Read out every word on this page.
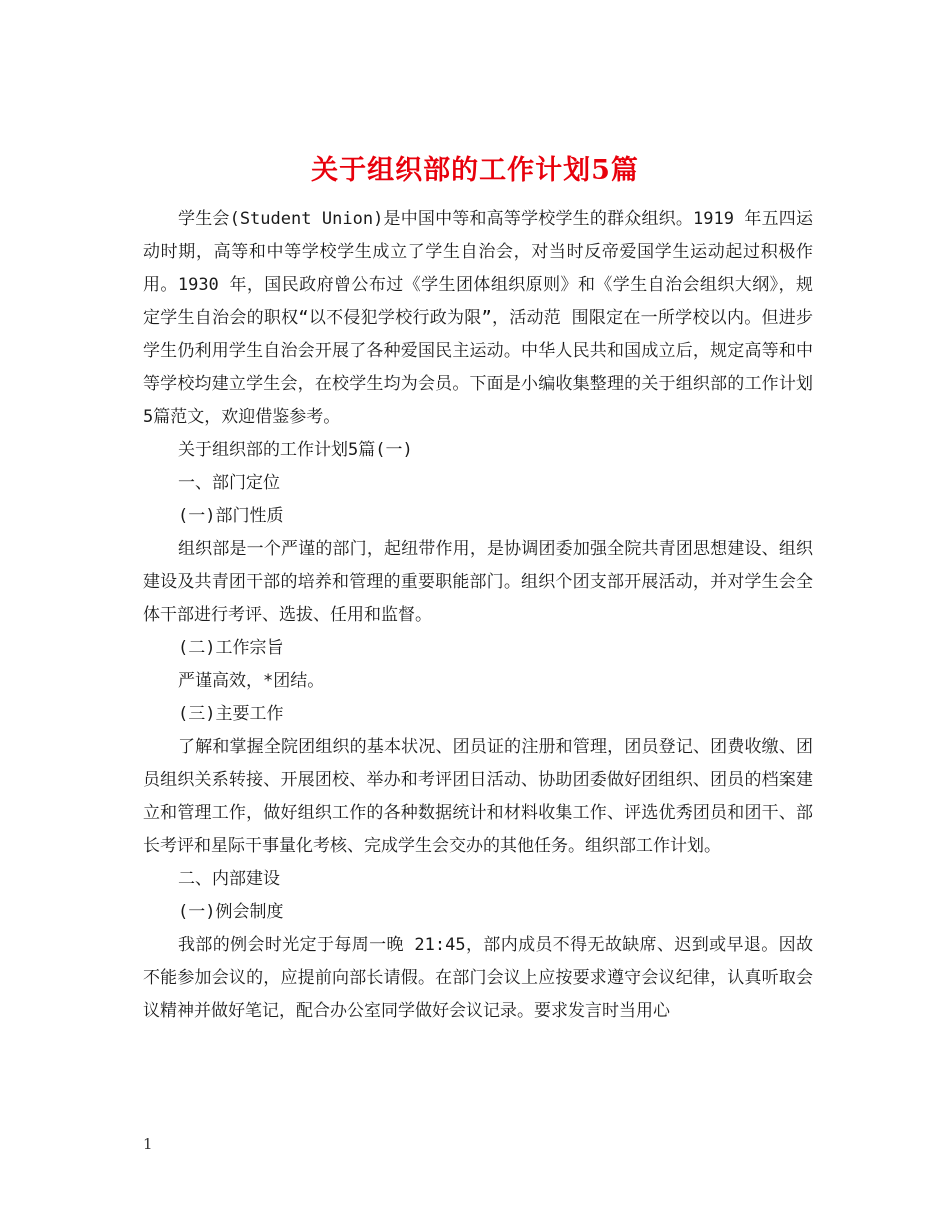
关于组织部的工作计划5篇

学生会(Student Union)是中国中等和高等学校学生的群众组织。1919 年五四运动时期，高等和中等学校学生成立了学生自治会，对当时反帝爱国学生运动起过积极作用。1930 年，国民政府曾公布过《学生团体组织原则》和《学生自治会组织大纲》，规定学生自治会的职权“以不侵犯学校行政为限”，活动范 围限定在一所学校以内。但进步学生仍利用学生自治会开展了各种爱国民主运动。中华人民共和国成立后，规定高等和中等学校均建立学生会，在校学生均为会员。下面是小编收集整理的关于组织部的工作计划5篇范文，欢迎借鉴参考。

关于组织部的工作计划5篇(一)

一、部门定位

(一)部门性质

组织部是一个严谨的部门，起纽带作用，是协调团委加强全院共青团思想建设、组织建设及共青团干部的培养和管理的重要职能部门。组织个团支部开展活动，并对学生会全体干部进行考评、选拔、任用和监督。

(二)工作宗旨

严谨高效，*团结。

(三)主要工作

了解和掌握全院团组织的基本状况、团员证的注册和管理，团员登记、团费收缴、团员组织关系转接、开展团校、举办和考评团日活动、协助团委做好团组织、团员的档案建立和管理工作，做好组织工作的各种数据统计和材料收集工作、评选优秀团员和团干、部长考评和星际干事量化考核、完成学生会交办的其他任务。组织部工作计划。

二、内部建设

(一)例会制度

我部的例会时光定于每周一晚 21:45，部内成员不得无故缺席、迟到或早退。因故不能参加会议的，应提前向部长请假。在部门会议上应按要求遵守会议纪律，认真听取会议精神并做好笔记，配合办公室同学做好会议记录。要求发言时当用心

1
